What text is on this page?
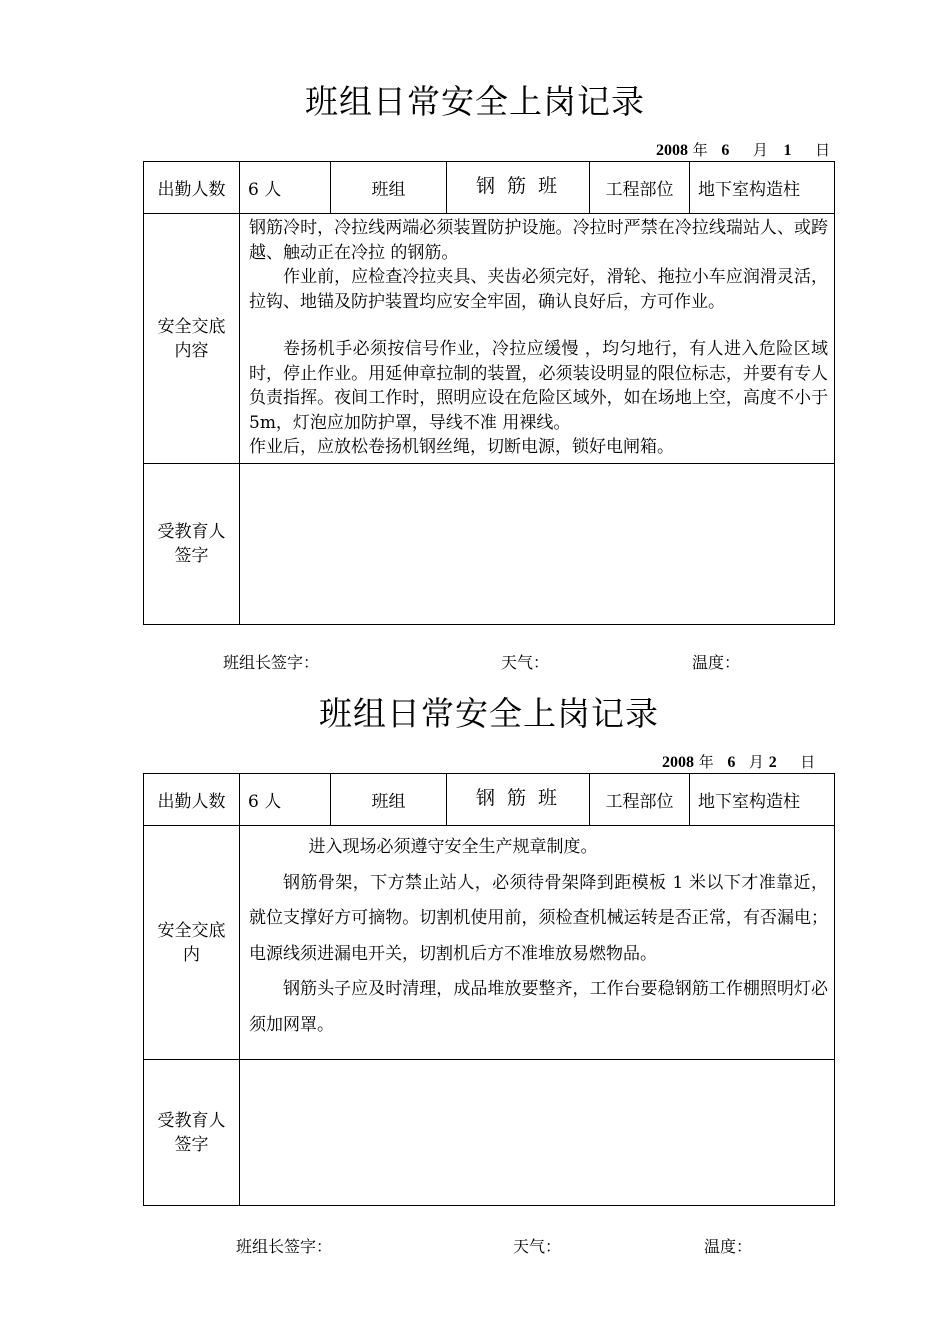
班组日常安全上岗记录
2008 年 6 月 1 日
出勤人数	6 人	班组	钢 筋 班	工程部位	地下室构造柱
安全交底内容	钢筋冷时，冷拉线两端必须装置防护设施。冷拉时严禁在冷拉线瑞站人、或跨越、触动正在冷拉 的钢筋。

作业前，应检查冷拉夹具、夹齿必须完好，滑轮、拖拉小车应润滑灵活，拉钩、地锚及防护装置均应安全牢固，确认良好后，方可作业。

卷扬机手必须按信号作业，冷拉应缓慢 ，均匀地行，有人进入危险区域时，停止作业。用延伸章拉制的装置，必须装设明显的限位标志，并要有专人负责指挥。夜间工作时，照明应设在危险区域外，如在场地上空，高度不小于 5m，灯泡应加防护罩，导线不准 用裸线。

作业后，应放松卷扬机钢丝绳，切断电源，锁好电闸箱。				

受教育人签字					
班组长签字：	天气：	温度：
班组日常安全上岗记录
2008 年 6 月 2 日
出勤人数	6 人	班组	钢 筋 班	工程部位	地下室构造柱
安全交底内	进入现场必须遵守安全生产规章制度。

钢筋骨架，下方禁止站人，必须待骨架降到距模板 1 米以下才准靠近，就位支撑好方可摘物。切割机使用前，须检查机械运转是否正常，有否漏电；电源线须进漏电开关，切割机后方不准堆放易燃物品。

钢筋头子应及时清理，成品堆放要整齐，工作台要稳钢筋工作棚照明灯必须加网罩。				

受教育人签字					
班组长签字：	天气：	温度：
